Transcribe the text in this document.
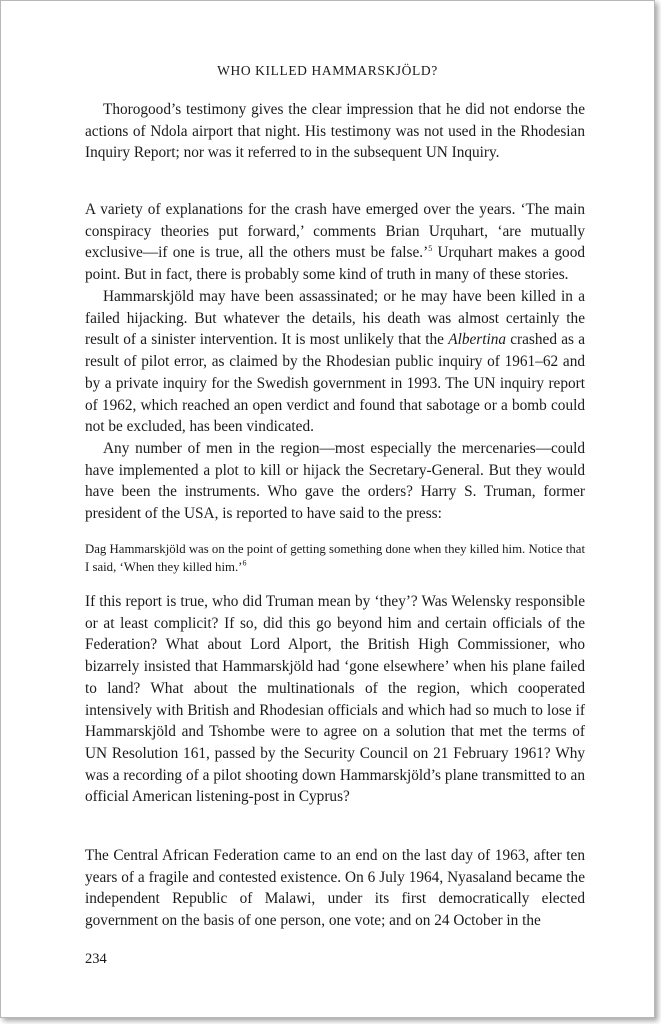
WHO KILLED HAMMARSKJÖLD?

Thorogood’s testimony gives the clear impression that he did not endorse the actions of Ndola airport that night. His testimony was not used in the Rhodesian Inquiry Report; nor was it referred to in the subsequent UN Inquiry.

A variety of explanations for the crash have emerged over the years. ‘The main conspiracy theories put forward,’ comments Brian Urquhart, ‘are mutually exclusive—if one is true, all the others must be false.’$^5$ Urquhart makes a good point. But in fact, there is probably some kind of truth in many of these stories.

Hammarskjöld may have been assassinated; or he may have been killed in a failed hijacking. But whatever the details, his death was almost certainly the result of a sinister intervention. It is most unlikely that the Albertina crashed as a result of pilot error, as claimed by the Rhodesian public inquiry of 1961–62 and by a private inquiry for the Swedish government in 1993. The UN inquiry report of 1962, which reached an open verdict and found that sabotage or a bomb could not be excluded, has been vindicated.

Any number of men in the region—most especially the mercenaries—could have implemented a plot to kill or hijack the Secretary-General. But they would have been the instruments. Who gave the orders? Harry S. Truman, former president of the USA, is reported to have said to the press:

Dag Hammarskjöld was on the point of getting something done when they killed him. Notice that I said, ‘When they killed him.’$^6$

If this report is true, who did Truman mean by ‘they’? Was Welensky responsible or at least complicit? If so, did this go beyond him and certain officials of the Federation? What about Lord Alport, the British High Commissioner, who bizarrely insisted that Hammarskjöld had ‘gone elsewhere’ when his plane failed to land? What about the multinationals of the region, which cooperated intensively with British and Rhodesian officials and which had so much to lose if Hammarskjöld and Tshombe were to agree on a solution that met the terms of UN Resolution 161, passed by the Security Council on 21 February 1961? Why was a recording of a pilot shooting down Hammarskjöld’s plane transmitted to an official American listening-post in Cyprus?

The Central African Federation came to an end on the last day of 1963, after ten years of a fragile and contested existence. On 6 July 1964, Nyasaland became the independent Republic of Malawi, under its first democratically elected government on the basis of one person, one vote; and on 24 October in the

234
